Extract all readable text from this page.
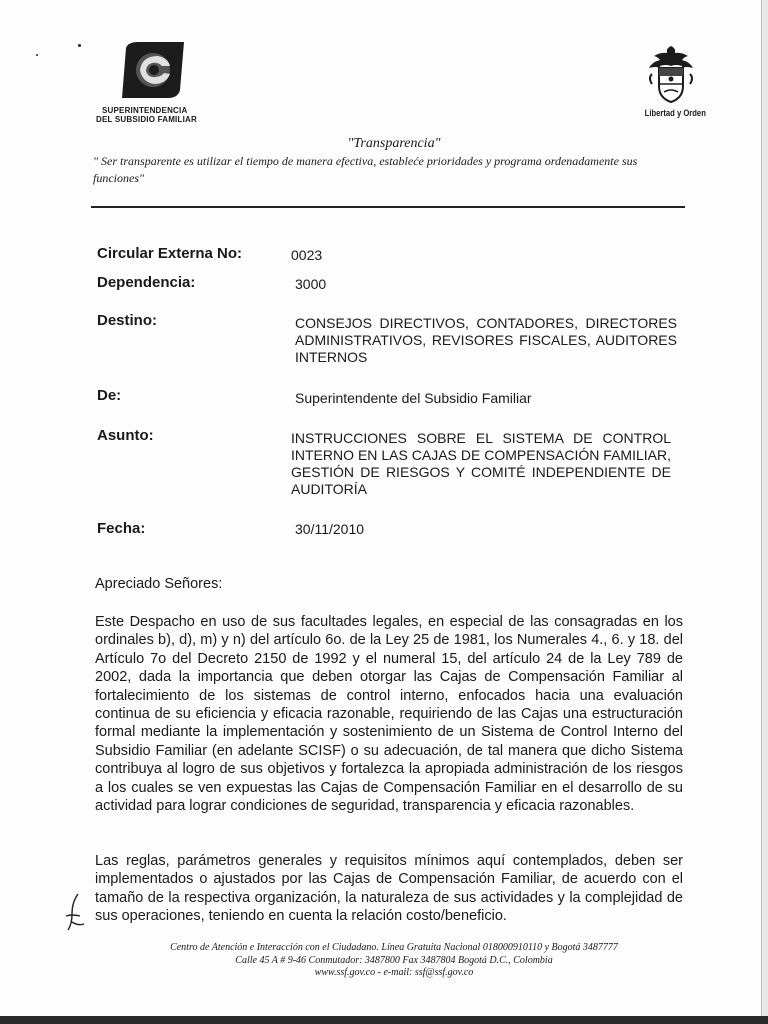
SUPERINTENDENCIA
DEL SUBSIDIO FAMILIAR
Libertad y Orden
"Transparencia"
" Ser transparente es utilizar el tiempo de manera efectiva, estableće prioridades y programa ordenadamente sus funciones"
Circular Externa No:	0023
Dependencia:	3000
Destino:	CONSEJOS DIRECTIVOS, CONTADORES, DIRECTORES ADMINISTRATIVOS, REVISORES FISCALES, AUDITORES INTERNOS
De:	Superintendente del Subsidio Familiar
Asunto:	INSTRUCCIONES SOBRE EL SISTEMA DE CONTROL INTERNO EN LAS CAJAS DE COMPENSACIÓN FAMILIAR, GESTIÓN DE RIESGOS Y COMITÉ INDEPENDIENTE DE AUDITORÍA
Fecha:	30/11/2010
Apreciado Señores:
Este Despacho en uso de sus facultades legales, en especial de las consagradas en los ordinales b), d), m) y n) del artículo 6o. de la Ley 25 de 1981, los Numerales 4., 6. y 18. del Artículo 7o del Decreto 2150 de 1992 y el numeral 15, del artículo 24 de la Ley 789 de 2002, dada la importancia que deben otorgar las Cajas de Compensación Familiar al fortalecimiento de los sistemas de control interno, enfocados hacia una evaluación continua de su eficiencia y eficacia razonable, requiriendo de las Cajas una estructuración formal mediante la implementación y sostenimiento de un Sistema de Control Interno del Subsidio Familiar (en adelante SCISF) o su adecuación, de tal manera que dicho Sistema contribuya al logro de sus objetivos y fortalezca la apropiada administración de los riesgos a los cuales se ven expuestas las Cajas de Compensación Familiar en el desarrollo de su actividad para lograr condiciones de seguridad, transparencia y eficacia razonables.
Las reglas, parámetros generales y requisitos mínimos aquí contemplados, deben ser implementados o ajustados por las Cajas de Compensación Familiar, de acuerdo con el tamaño de la respectiva organización, la naturaleza de sus actividades y la complejidad de sus operaciones, teniendo en cuenta la relación costo/beneficio.
Centro de Atención e Interacción con el Ciudadano. Línea Gratuita Nacional 018000910110 y Bogotá 3487777
Calle 45 A # 9-46 Conmutador: 3487800 Fax 3487804 Bogotá D.C., Colombia
www.ssf.gov.co - e-mail: ssf@ssf.gov.co
